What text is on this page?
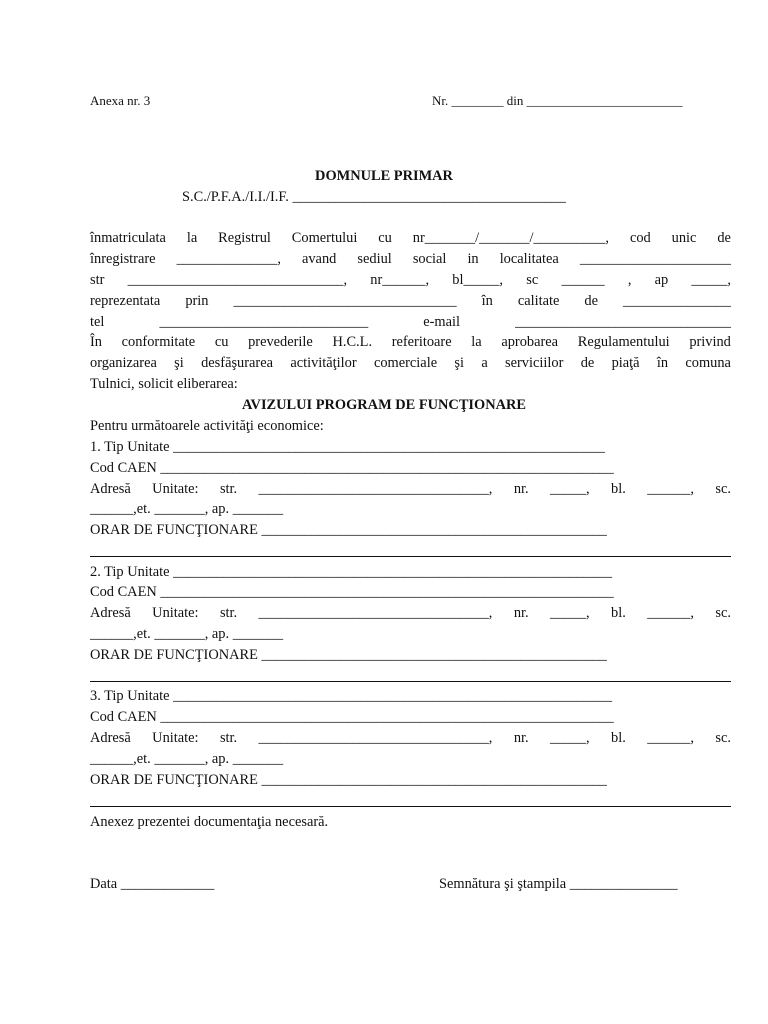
Anexa nr. 3	Nr. ________ din ________________________
DOMNULE PRIMAR
S.C./P.F.A./I.I./I.F. ______________________________________
înmatriculata la Registrul Comertului cu nr_______/_______/__________, cod unic de
înregistrare ______________, avand sediul social in localitatea _____________________
str ______________________________, nr______, bl_____, sc ______ , ap _____,
reprezentata prin _______________________________ în calitate de _______________
tel	_____________________________	e-mail	______________________________
În conformitate cu prevederile H.C.L. referitoare la aprobarea Regulamentului privind
organizarea şi desfăşurarea activităţilor comerciale şi a serviciilor de piaţă în comuna
Tulnici, solicit eliberarea:
AVIZULUI PROGRAM DE FUNCŢIONARE
Pentru următoarele activităţi economice:
1. Tip Unitate ____________________________________________________________
Cod CAEN _______________________________________________________________
Adresă Unitate: str. ________________________________, nr. _____, bl. ______, sc.
______,et. _______, ap. _______
ORAR DE FUNCŢIONARE ________________________________________________
2. Tip Unitate _____________________________________________________________
Cod CAEN _______________________________________________________________
Adresă Unitate: str. ________________________________, nr. _____, bl. ______, sc.
______,et. _______, ap. _______
ORAR DE FUNCŢIONARE ________________________________________________
3. Tip Unitate _____________________________________________________________
Cod CAEN _______________________________________________________________
Adresă Unitate: str. ________________________________, nr. _____, bl. ______, sc.
______,et. _______, ap. _______
ORAR DE FUNCŢIONARE ________________________________________________
Anexez prezentei documentaţia necesară.
Data _____________	Semnătura şi ştampila _______________
